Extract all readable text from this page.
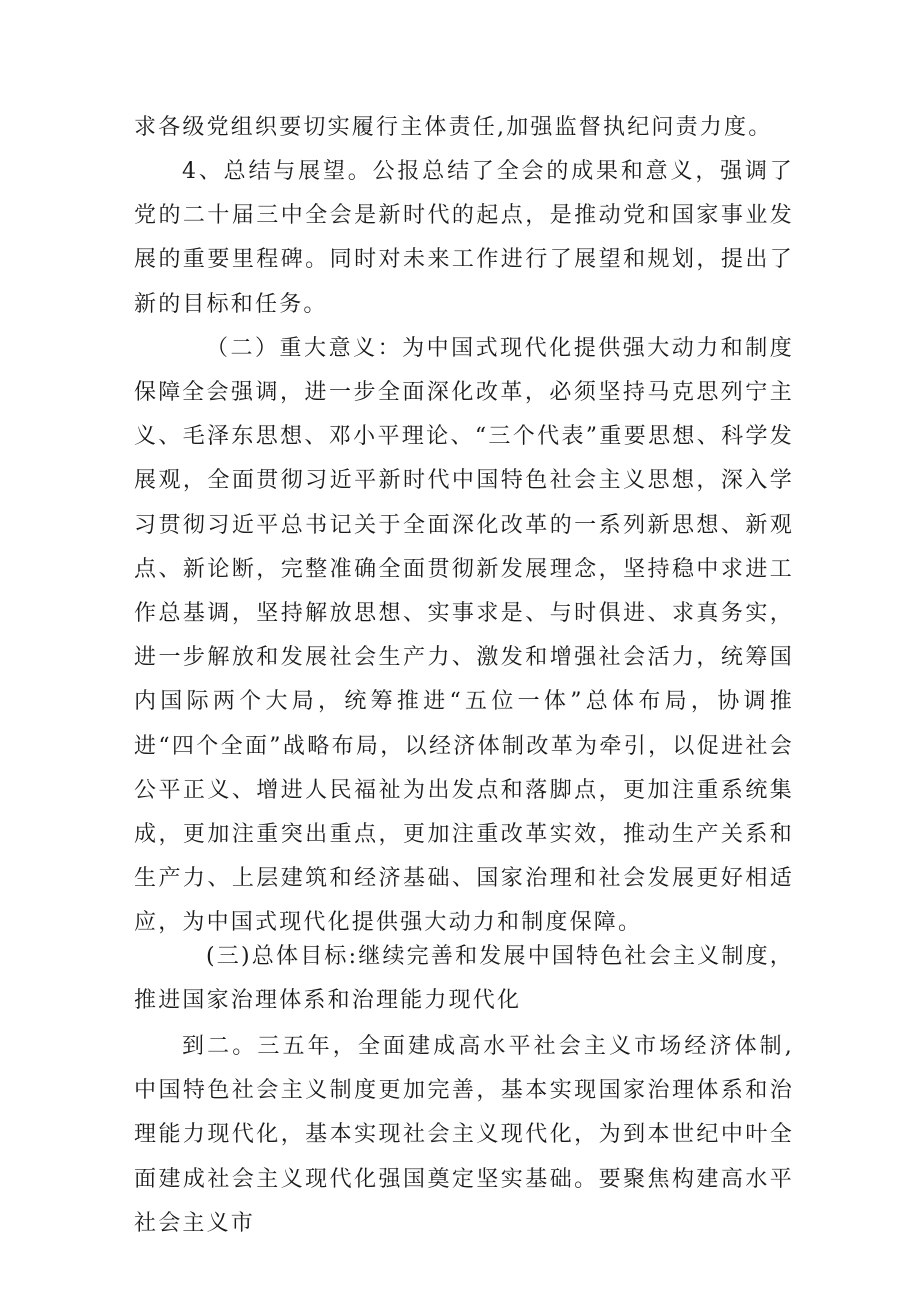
求各级党组织要切实履行主体责任,加强监督执纪问责力度。

4、总结与展望。公报总结了全会的成果和意义，强调了党的二十届三中全会是新时代的起点，是推动党和国家事业发展的重要里程碑。同时对未来工作进行了展望和规划，提出了新的目标和任务。

（二）重大意义：为中国式现代化提供强大动力和制度保障 全会强调，进一步全面深化改革，必须坚持马克思列宁主义、毛泽东思想、邓小平理论、“三个代表”重要思想、科学发展观，全面贯彻习近平新时代中国特色社会主义思想，深入学习贯彻习近平总书记关于全面深化改革的一系列新思想、新观点、新论断，完整准确全面贯彻新发展理念，坚持稳中求进工作总基调，坚持解放思想、实事求是、与时俱进、求真务实，进一步解放和发展社会生产力、激发和增强社会活力，统筹国内国际两个大局，统筹推进“五位一体”总体布局，协调推进“四个全面”战略布局，以经济体制改革为牵引，以促进社会公平正义、增进人民福祉为出发点和落脚点，更加注重系统集成，更加注重突出重点，更加注重改革实效，推动生产关系和生产力、上层建筑和经济基础、国家治理和社会发展更好相适应，为中国式现代化提供强大动力和制度保障。

(三)总体目标:继续完善和发展中国特色社会主义制度，推进国家治理体系和治理能力现代化

到二。三五年，全面建成高水平社会主义市场经济体制,中国特色社会主义制度更加完善，基本实现国家治理体系和治理能力现代化，基本实现社会主义现代化，为到本世纪中叶全面建成社会主义现代化强国奠定坚实基础。要聚焦构建高水平社会主义市
